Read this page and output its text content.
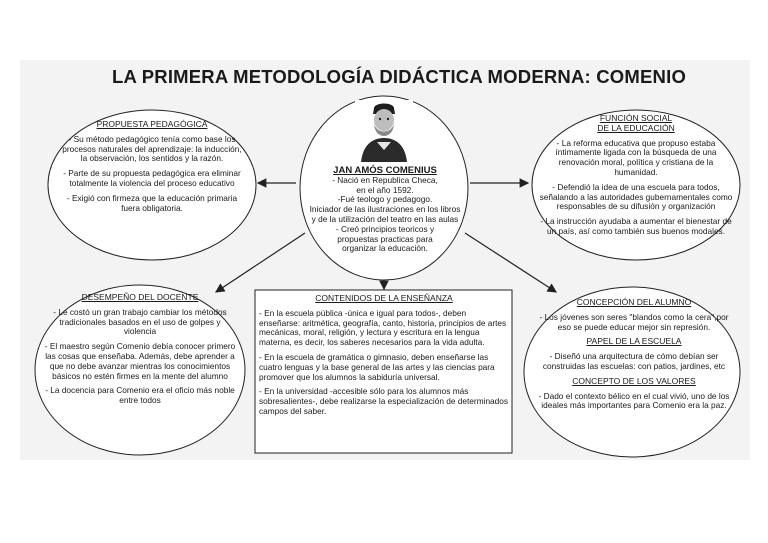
LA PRIMERA METODOLOGÍA DIDÁCTICA MODERNA: COMENIO
JAN AMÓS COMENIUS
- Nació en Republica Checa,
en el año 1592.
-Fué teologo y pedagogo.
Iniciador de las ilustraciones en los libros
y de la utilización del teatro en las aulas
- Creó principios teoricos y
propuestas practicas para
organizar la educación.

PROPUESTA PEDAGÓGICA

- Su método pedagógico tenía como base los procesos naturales del aprendizaje: la inducción, la observación, los sentidos y la razón.

- Parte de su propuesta pedagógica era eliminar totalmente la violencia del proceso educativo

- Exigió con firmeza que la educación primaria fuera obligatoria.

FUNCIÓN SOCIAL

DE LA EDUCACIÓN

- La reforma educativa que propuso estaba íntimamente ligada con la búsqueda de una renovación moral, política y cristiana de la humanidad.

- Defendió la idea de una escuela para todos, señalando a las autoridades gubernamentales como responsables de su difusión y organización

- La instrucción ayudaba a aumentar el bienestar de un país, así como también sus buenos modales.

DESEMPEÑO DEL DOCENTE

- Le costó un gran trabajo cambiar los métodos tradicionales basados en el uso de golpes y violencia

- El maestro según Comenio debía conocer primero las cosas que enseñaba. Además, debe aprender a que no debe avanzar mientras los conocimientos básicos no estén firmes en la mente del alumno

- La docencia para Comenio era el oficio más noble entre todos

CONTENIDOS DE LA ENSEÑANZA

- En la escuela pública -única e igual para todos-, deben enseñarse: aritmética, geografía, canto, historia, principios de artes mecánicas, moral, religión, y lectura y escritura en la lengua materna, es decir, los saberes necesarios para la vida adulta.

- En la escuela de gramática o gimnasio, deben enseñarse las cuatro lenguas y la base general de las artes y las ciencias para promover que los alumnos la sabiduría universal.

- En la universidad -accesible sólo para los alumnos más sobresalientes-, debe realizarse la especialización de determinados campos del saber.

CONCEPCIÓN DEL ALUMNO

- Los jóvenes son seres "blandos como la cera",por eso se puede educar mejor sin represión.

PAPEL DE LA ESCUELA

- Diseñó una arquitectura de cómo debían ser construidas las escuelas: con patios, jardines, etc

CONCEPTO DE LOS VALORES

- Dado el contexto bélico en el cual vivió, uno de los ideales más importantes para Comenio era la paz.
